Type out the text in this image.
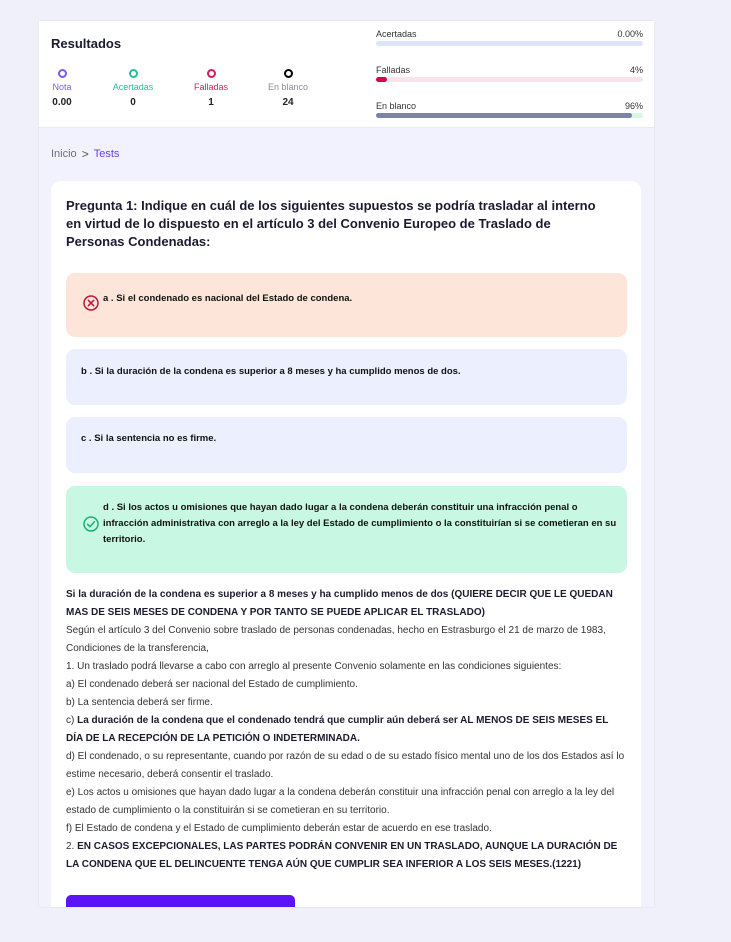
Resultados
Nota
0.00
Acertadas
0
Falladas
1
En blanco
24
Acertadas	0.00%
Falladas	4%
En blanco	96%
Inicio > Tests
Pregunta 1: Indique en cuál de los siguientes supuestos se podría trasladar al interno en virtud de lo dispuesto en el artículo 3 del Convenio Europeo de Traslado de Personas Condenadas:
a . Si el condenado es nacional del Estado de condena.
b . Si la duración de la condena es superior a 8 meses y ha cumplido menos de dos.
c . Si la sentencia no es firme.
d . Si los actos u omisiones que hayan dado lugar a la condena deberán constituir una infracción penal o infracción administrativa con arreglo a la ley del Estado de cumplimiento o la constituirían si se cometieran en su territorio.

Si la duración de la condena es superior a 8 meses y ha cumplido menos de dos (QUIERE DECIR QUE LE QUEDAN MAS DE SEIS MESES DE CONDENA Y POR TANTO SE PUEDE APLICAR EL TRASLADO)

Según el artículo 3 del Convenio sobre traslado de personas condenadas, hecho en Estrasburgo el 21 de marzo de 1983,

Condiciones de la transferencia,

1. Un traslado podrá llevarse a cabo con arreglo al presente Convenio solamente en las condiciones siguientes:

a) El condenado deberá ser nacional del Estado de cumplimiento.

b) La sentencia deberá ser firme.

c) La duración de la condena que el condenado tendrá que cumplir aún deberá ser AL MENOS DE SEIS MESES EL DÍA DE LA RECEPCIÓN DE LA PETICIÓN O INDETERMINADA.

d) El condenado, o su representante, cuando por razón de su edad o de su estado físico mental uno de los dos Estados así lo estime necesario, deberá consentir el traslado.

e) Los actos u omisiones que hayan dado lugar a la condena deberán constituir una infracción penal con arreglo a la ley del estado de cumplimiento o la constituirán si se cometieran en su territorio.

f) El Estado de condena y el Estado de cumplimiento deberán estar de acuerdo en ese traslado.

2. EN CASOS EXCEPCIONALES, LAS PARTES PODRÁN CONVENIR EN UN TRASLADO, AUNQUE LA DURACIÓN DE LA CONDENA QUE EL DELINCUENTE TENGA AÚN QUE CUMPLIR SEA INFERIOR A LOS SEIS MESES.(1221)
